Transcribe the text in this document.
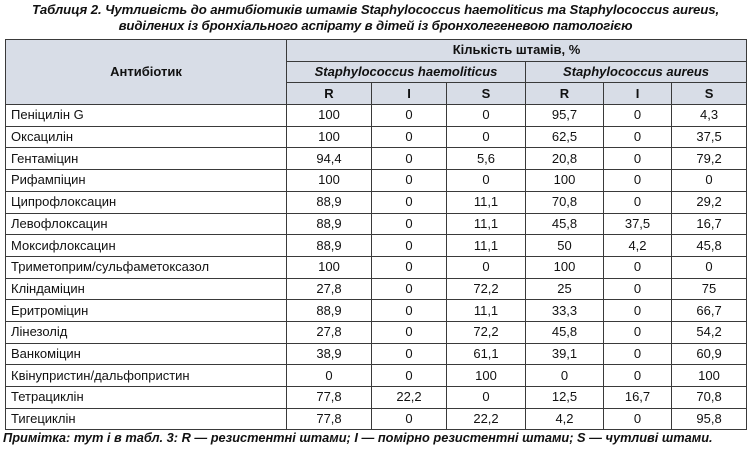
Таблиця 2. Чутливість до антибіотиків штамів Staphylococcus haemoliticus та Staphylococcus aureus,
виділених із бронхіального аспірату в дітей із бронхолегеневою патологією
Антибіотик	Кількість штамів, %					
	Staphylococcus haemoliticus			Staphylococcus aureus		
	R	I	S	R	I	S
Пеніцилін G	100	0	0	95,7	0	4,3
Оксацилін	100	0	0	62,5	0	37,5
Гентаміцин	94,4	0	5,6	20,8	0	79,2
Рифампіцин	100	0	0	100	0	0
Ципрофлоксацин	88,9	0	11,1	70,8	0	29,2
Левофлоксацин	88,9	0	11,1	45,8	37,5	16,7
Моксифлоксацин	88,9	0	11,1	50	4,2	45,8
Триметоприм/сульфаметоксазол	100	0	0	100	0	0
Кліндаміцин	27,8	0	72,2	25	0	75
Еритроміцин	88,9	0	11,1	33,3	0	66,7
Лінезолід	27,8	0	72,2	45,8	0	54,2
Ванкоміцин	38,9	0	61,1	39,1	0	60,9
Квінупристин/дальфопристин	0	0	100	0	0	100
Тетрациклін	77,8	22,2	0	12,5	16,7	70,8
Тигециклін	77,8	0	22,2	4,2	0	95,8
Примітка: тут і в табл. 3: R — резистентні штами; I — помірно резистентні штами; S — чутливі штами.
